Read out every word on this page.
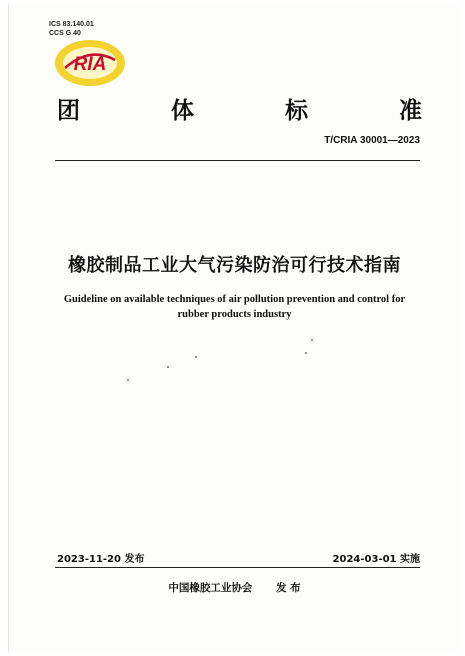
ICS 83.140.01
CCS G 40
RIA
团	体	标	准
T/CRIA 30001—2023
橡胶制品工业大气污染防治可行技术指南
Guideline on available techniques of air pollution prevention and control for
rubber products industry
2023-11-20 发布	2024-03-01 实施
中国橡胶工业协会 发 布
